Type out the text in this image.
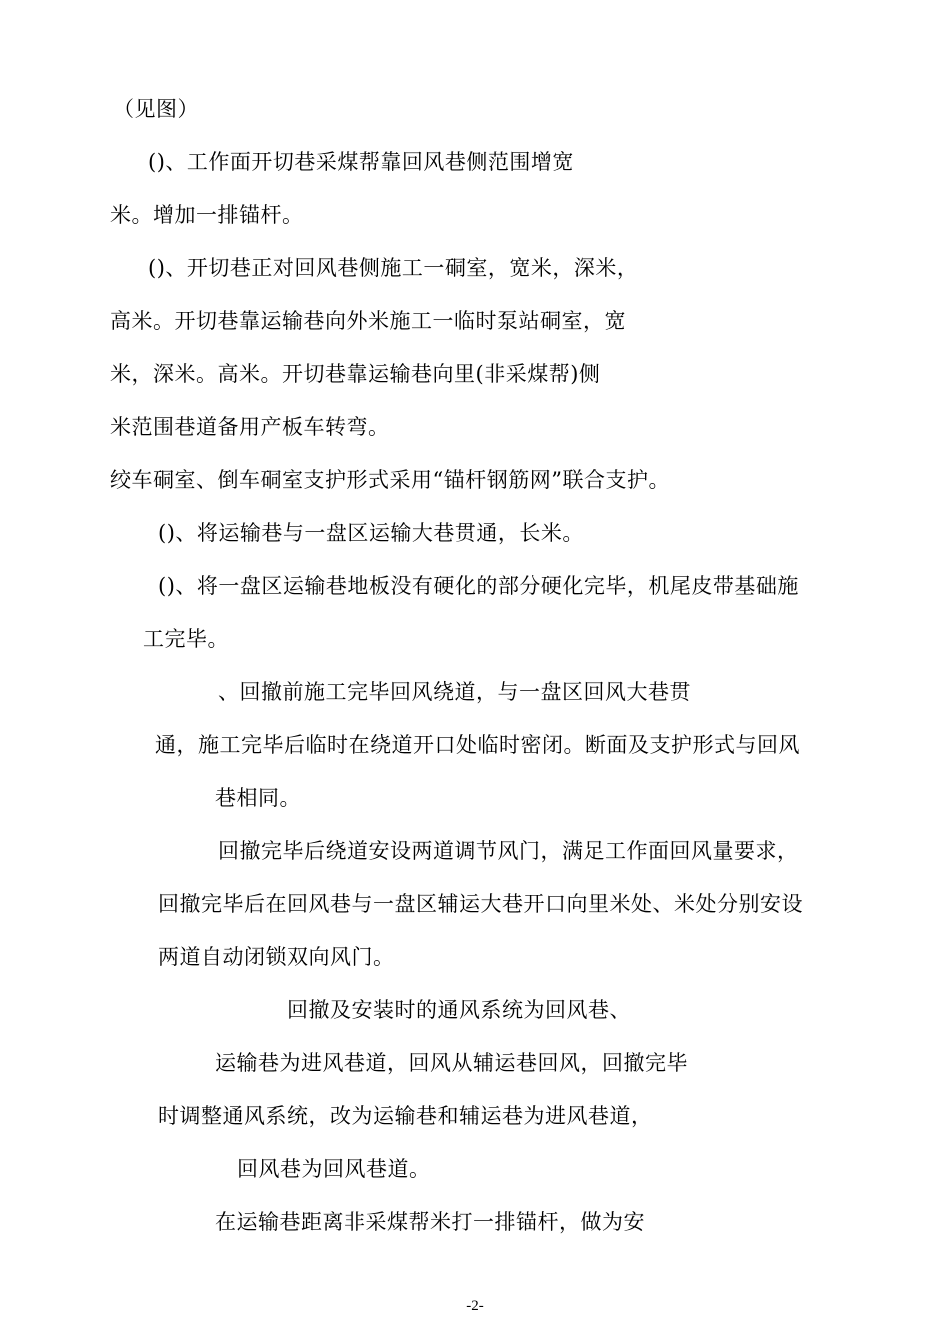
（见图）
()、工作面开切巷采煤帮靠回风巷侧范围增宽
米。增加一排锚杆。
()、开切巷正对回风巷侧施工一硐室，宽米，深米，
高米。开切巷靠运输巷向外米施工一临时泵站硐室，宽
米，深米。高米。开切巷靠运输巷向里(非采煤帮)侧
米范围巷道备用产板车转弯。
绞车硐室、倒车硐室支护形式采用“锚杆钢筋网”联合支护。
()、将运输巷与一盘区运输大巷贯通，长米。
()、将一盘区运输巷地板没有硬化的部分硬化完毕，机尾皮带基础施
工完毕。
、回撤前施工完毕回风绕道，与一盘区回风大巷贯
通，施工完毕后临时在绕道开口处临时密闭。断面及支护形式与回风
巷相同。
回撤完毕后绕道安设两道调节风门，满足工作面回风量要求，
回撤完毕后在回风巷与一盘区辅运大巷开口向里米处、米处分别安设
两道自动闭锁双向风门。
回撤及安装时的通风系统为回风巷、
运输巷为进风巷道，回风从辅运巷回风，回撤完毕
时调整通风系统，改为运输巷和辅运巷为进风巷道，
回风巷为回风巷道。
在运输巷距离非采煤帮米打一排锚杆，做为安
-2-
